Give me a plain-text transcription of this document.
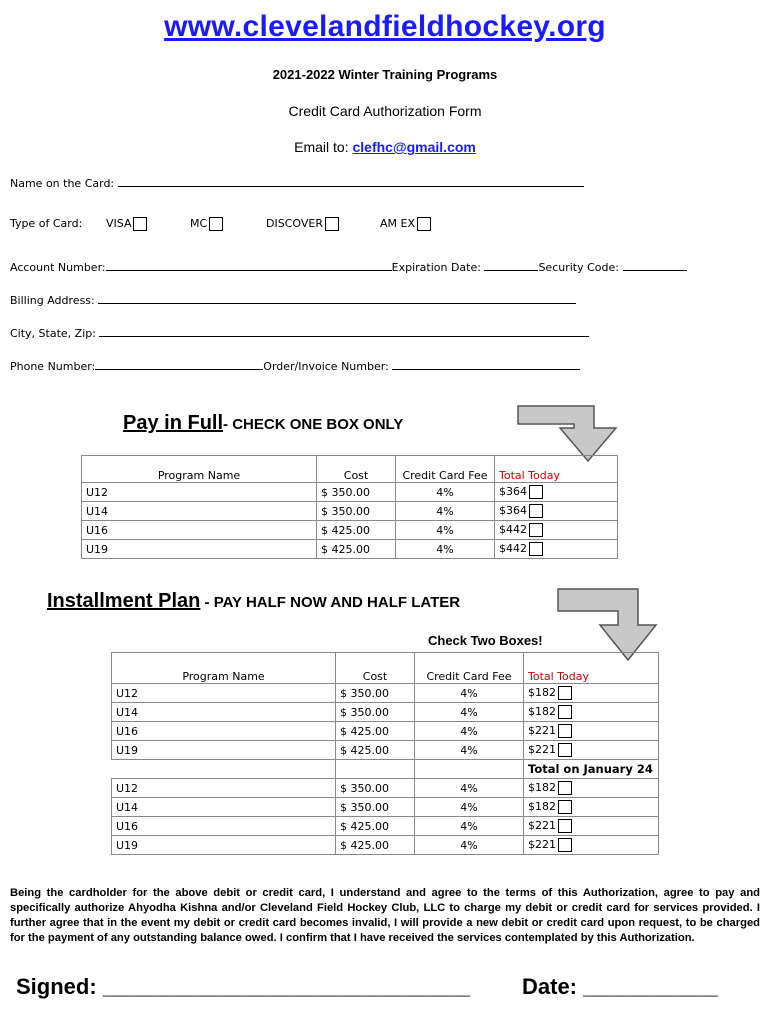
www.clevelandfieldhockey.org
2021-2022 Winter Training Programs
Credit Card Authorization Form
Email to: clefhc@gmail.com
Name on the Card:
Type of Card: VISA	MC	DISCOVER	AM EX
Account Number:	Expiration Date:	Security Code:
Billing Address:
City, State, Zip:
Phone Number:	Order/Invoice Number:
Pay in Full- CHECK ONE BOX ONLY
Program Name	Cost	Credit Card Fee	Total Today
U12	$ 350.00	4%	$364
U14	$ 350.00	4%	$364
U16	$ 425.00	4%	$442
U19	$ 425.00	4%	$442
Installment Plan - PAY HALF NOW AND HALF LATER
Check Two Boxes!
Program Name	Cost	Credit Card Fee	Total Today
U12	$ 350.00	4%	$182
U14	$ 350.00	4%	$182
U16	$ 425.00	4%	$221
U19	$ 425.00	4%	$221
			Total on January 24
U12	$ 350.00	4%	$182
U14	$ 350.00	4%	$182
U16	$ 425.00	4%	$221
U19	$ 425.00	4%	$221
Being the cardholder for the above debit or credit card, I understand and agree to the terms of this Authorization, agree to pay and specifically authorize Ahyodha Kishna and/or Cleveland Field Hockey Club, LLC to charge my debit or credit card for services provided. I further agree that in the event my debit or credit card becomes invalid, I will provide a new debit or credit card upon request, to be charged for the payment of any outstanding balance owed. I confirm that I have received the services contemplated by this Authorization.
Signed: ______________________________ Date: ___________
